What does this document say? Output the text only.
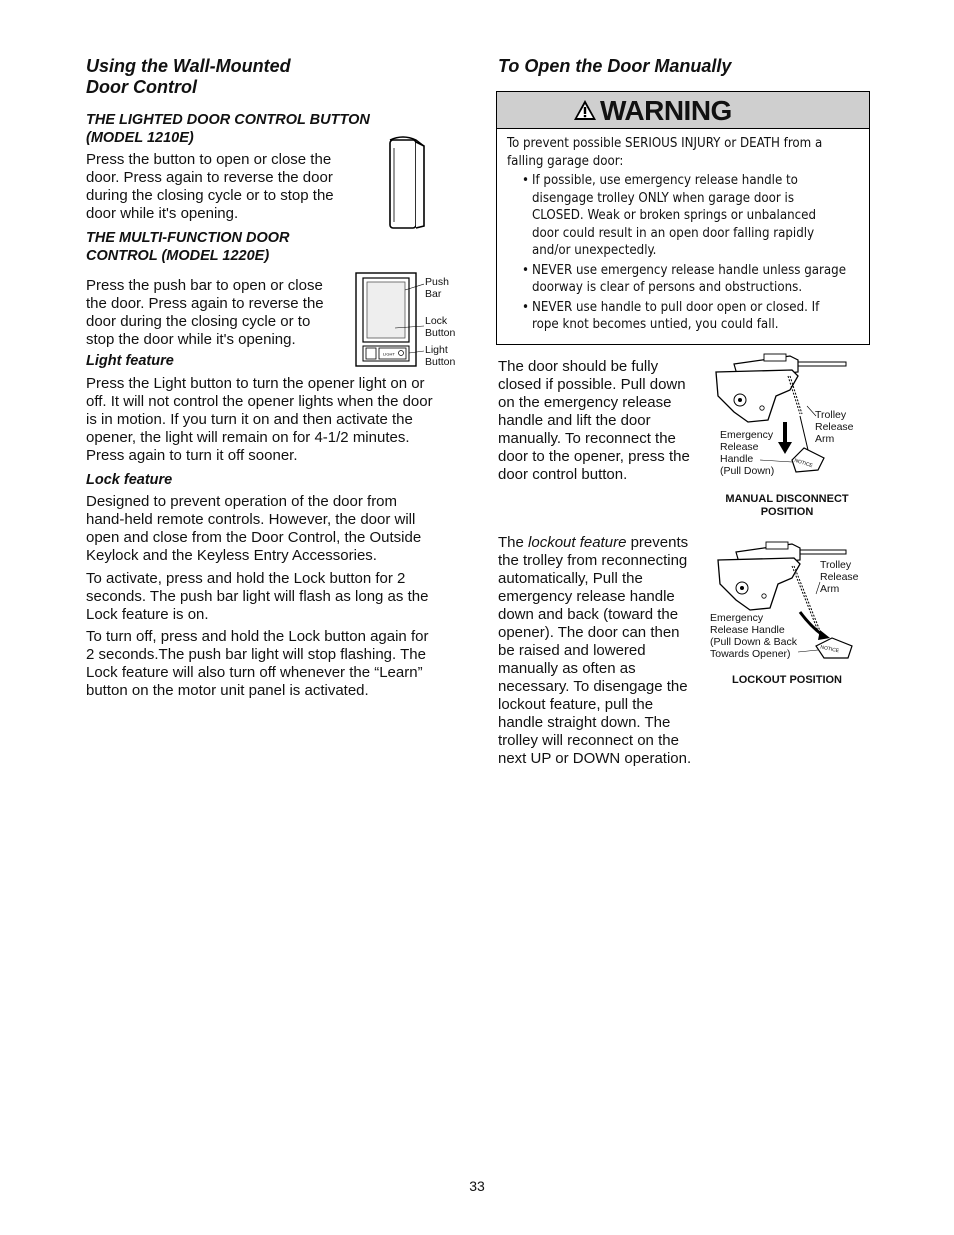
Using the Wall-Mounted
Door Control
THE LIGHTED DOOR CONTROL BUTTON
(MODEL 1210E)
Press the button to open or close the
door. Press again to reverse the door
during the closing cycle or to stop the
door while it's opening.
THE MULTI-FUNCTION DOOR
CONTROL (MODEL 1220E)
Press the push bar to open or close
the door. Press again to reverse the
door during the closing cycle or to
stop the door while it's opening.
LIGHT
Push
Bar
Lock
Button
Light
Button
Light feature
Press the Light button to turn the opener light on or
off. It will not control the opener lights when the door
is in motion. If you turn it on and then activate the
opener, the light will remain on for 4-1/2 minutes.
Press again to turn it off sooner.
Lock feature
Designed to prevent operation of the door from
hand-held remote controls. However, the door will
open and close from the Door Control, the Outside
Keylock and the Keyless Entry Accessories.
To activate, press and hold the Lock button for 2
seconds. The push bar light will flash as long as the
Lock feature is on.
To turn off, press and hold the Lock button again for
2 seconds.The push bar light will stop flashing. The
Lock feature will also turn off whenever the “Learn”
button on the motor unit panel is activated.
To Open the Door Manually
WARNING
To prevent possible SERIOUS INJURY or DEATH from a
falling garage door:
• If possible, use emergency release handle to
disengage trolley ONLY when garage door is
CLOSED. Weak or broken springs or unbalanced
door could result in an open door falling rapidly
and/or unexpectedly.
• NEVER use emergency release handle unless garage
doorway is clear of persons and obstructions.
• NEVER use handle to pull door open or closed. If
rope knot becomes untied, you could fall.
The door should be fully
closed if possible. Pull down
on the emergency release
handle and lift the door
manually. To reconnect the
door to the opener, press the
door control button.
NOTICE
Trolley
Release
Arm
Emergency
Release
Handle
(Pull Down)
MANUAL DISCONNECT
POSITION
The lockout feature prevents
the trolley from reconnecting
automatically, Pull the
emergency release handle
down and back (toward the
opener). The door can then
be raised and lowered
manually as often as
necessary. To disengage the
lockout feature, pull the
handle straight down. The
trolley will reconnect on the
next UP or DOWN operation.
NOTICE
Trolley
Release
Arm
Emergency
Release Handle
(Pull Down & Back
Towards Opener)
LOCKOUT POSITION
33
